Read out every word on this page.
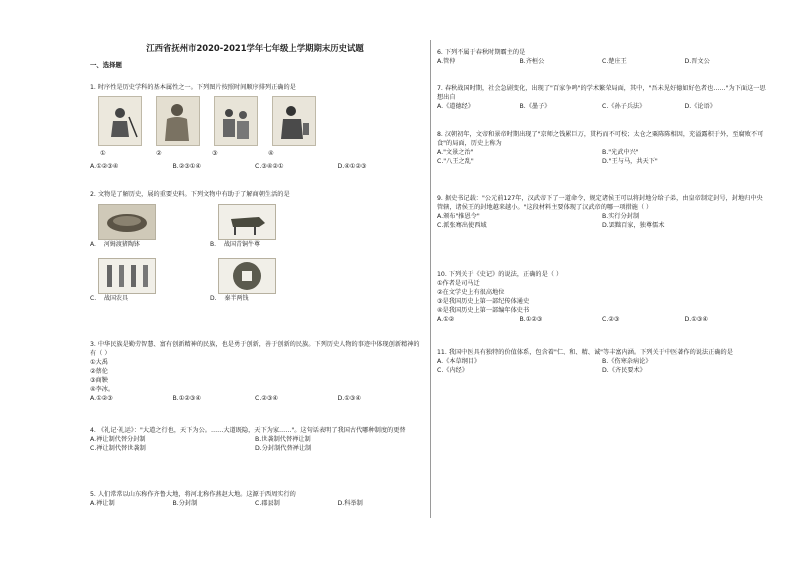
江西省抚州市2020-2021学年七年级上学期期末历史试题
一、选择题
1. 时序性是历史学科的基本属性之一。下列图片按照时间顺序排列正确的是
①	②	③	④
A.①②③④	B.②③①④	C.③④②①	D.④①②③
2. 文物是了解历史，展的重要史料。下列文物中有助于了解商朝生活的是
A. 河姆渡猪陶钵	B. 战国青铜牛尊
C. 战国农具	D. 秦半两钱
3. 中华民族是勤劳智慧、富有创新精神的民族，也是勇于创新，善于创新的民族。下列历史人物的事迹中体现创新精神的有（ ）
①大禹
②蔡伦
③商鞅
④李冰。
A.①②③	B.①②③④	C.②③④	D.①③④
4. 《礼记·礼运》："大道之行也，天下为公。……大道既隐，天下为家……"。这句话表明了我国古代哪种制度的更替
A.禅让制代替分封制	B.世袭制代替禅让制
C.禅让制代替世袭制	D.分封制代替禅让制
5. 人们常常以山东称作齐鲁大地，将河北称作燕赵大地。这源于西周实行的
A.禅让制	B.分封制	C.郡县制	D.科举制
6. 下列不属于春秋时期霸主的是
A.管仲	B.齐桓公	C.楚庄王	D.晋文公
7. 春秋战国时期，社会急剧变化，出现了"百家争鸣"的学术繁荣局面，其中，"吾未见好德如好色者也……"为下面这一思想出自
A.《道德经》	B.《墨子》	C.《孙子兵法》	D.《论语》
8. 汉朝初年，文帝和景帝时期出现了"京师之钱累巨万，贯朽而不可校；太仓之粟陈陈相因，充溢露积于外，至腐败不可食"的局面，历史上称为
A."文景之治"	B."光武中兴"
C."八王之乱"	D."王与马，共天下"
9. 据史书记载："公元前127年，汉武帝下了一道命令，规定诸侯王可以将封地分给子弟，由皇帝制定封号，封地归中央管辖，诸侯王的封地越来越小。"这段材料主要体现了汉武帝的哪一项措施（ ）
A.颁布"推恩令"	B.实行分封制
C.派张骞出使西域	D.罢黜百家，独尊儒术
10. 下列关于《史记》的说法，正确的是（ ）
①作者是司马迁
②在文学史上有很高地位
③是我国历史上第一部纪传体通史
④是我国历史上第一部编年体史书
A.①②	B.①②③	C.②③	D.①③④
11. 我国中医具有独特的价值体系，包含着"仁、和、精、诚"等丰富内涵。下列关于中医著作的说法正确的是
A.《本草纲目》	B.《伤寒杂病论》
C.《内经》	D.《齐民要术》
